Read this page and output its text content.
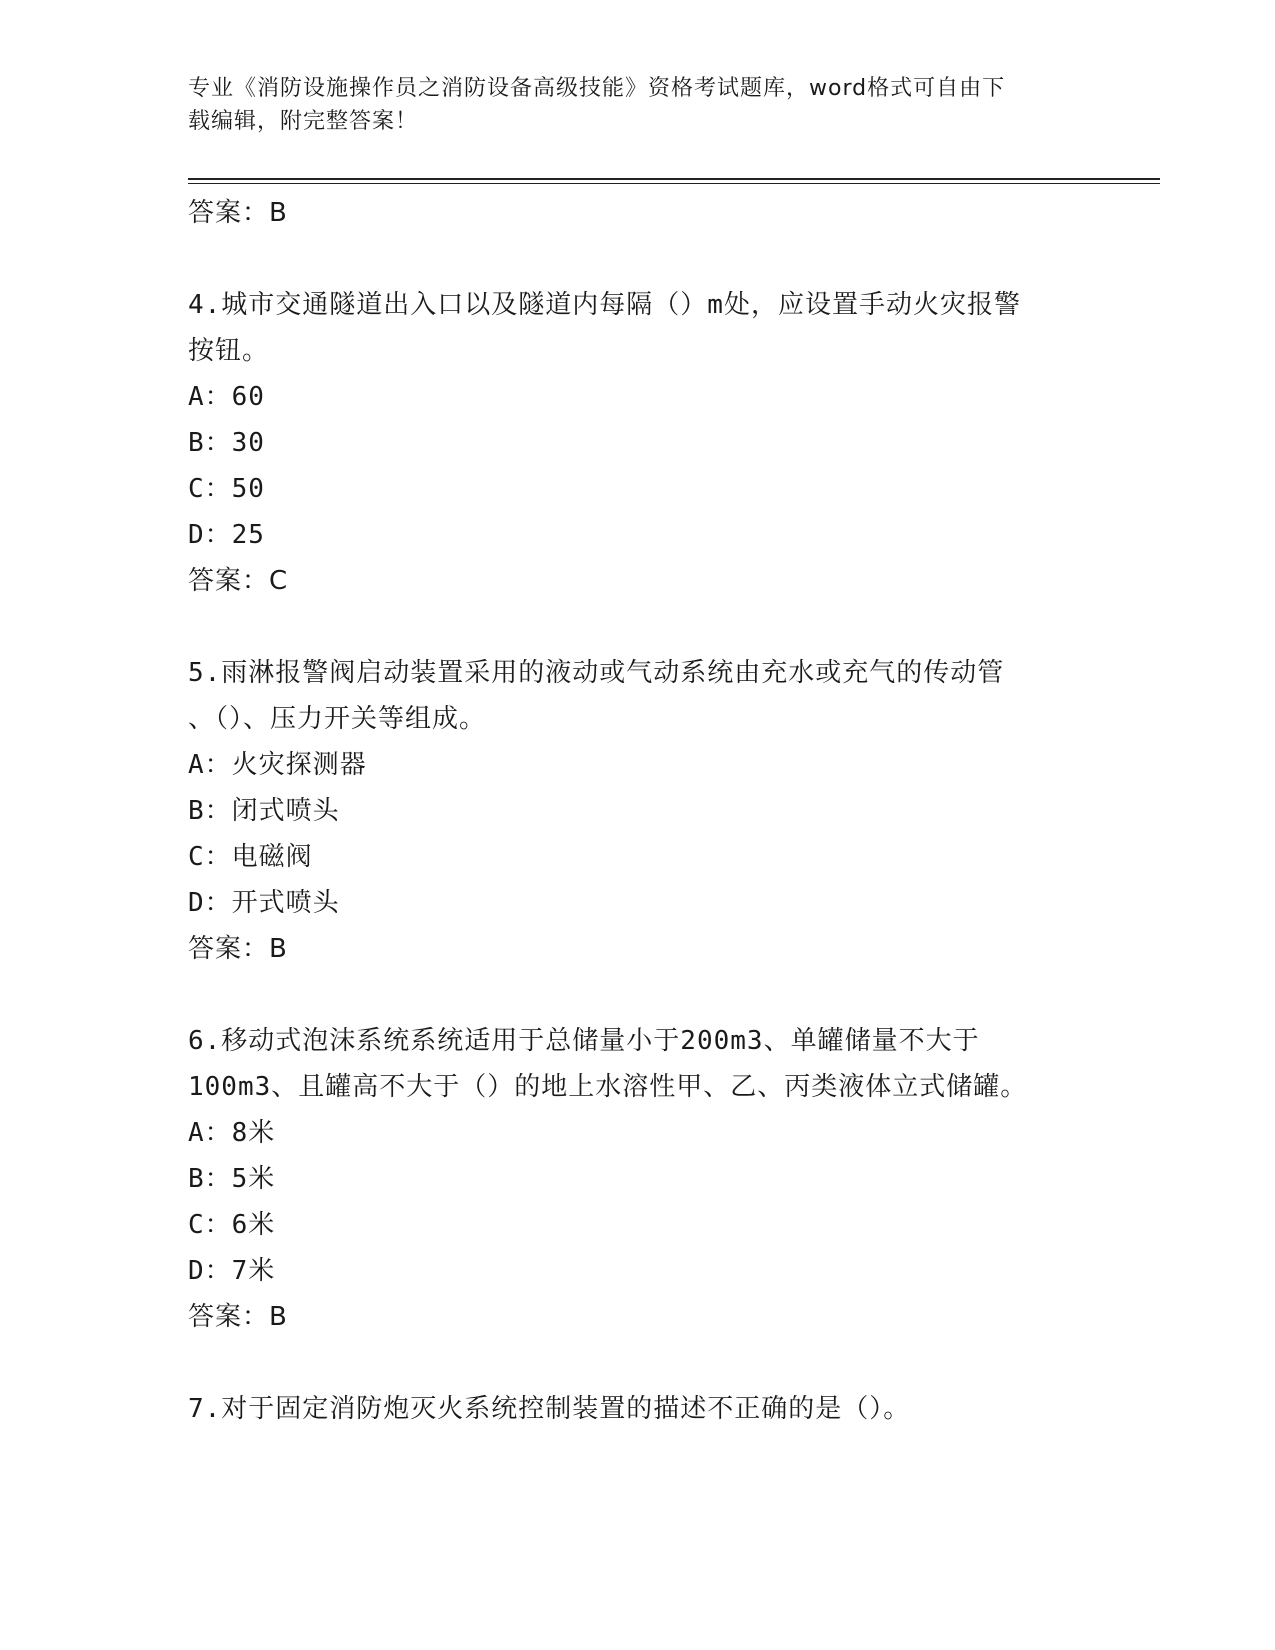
专业《消防设施操作员之消防设备高级技能》资格考试题库，word格式可自由下
载编辑，附完整答案！
答案：B
4.城市交通隧道出入口以及隧道内每隔（）m处，应设置手动火灾报警
按钮。
A：60
B：30
C：50
D：25
答案：C
5.雨淋报警阀启动装置采用的液动或气动系统由充水或充气的传动管
、（）、压力开关等组成。
A：火灾探测器
B：闭式喷头
C：电磁阀
D：开式喷头
答案：B
6.移动式泡沫系统系统适用于总储量小于200m3、单罐储量不大于
100m3、且罐高不大于（）的地上水溶性甲、乙、丙类液体立式储罐。
A：8米
B：5米
C：6米
D：7米
答案：B
7.对于固定消防炮灭火系统控制装置的描述不正确的是（）。
